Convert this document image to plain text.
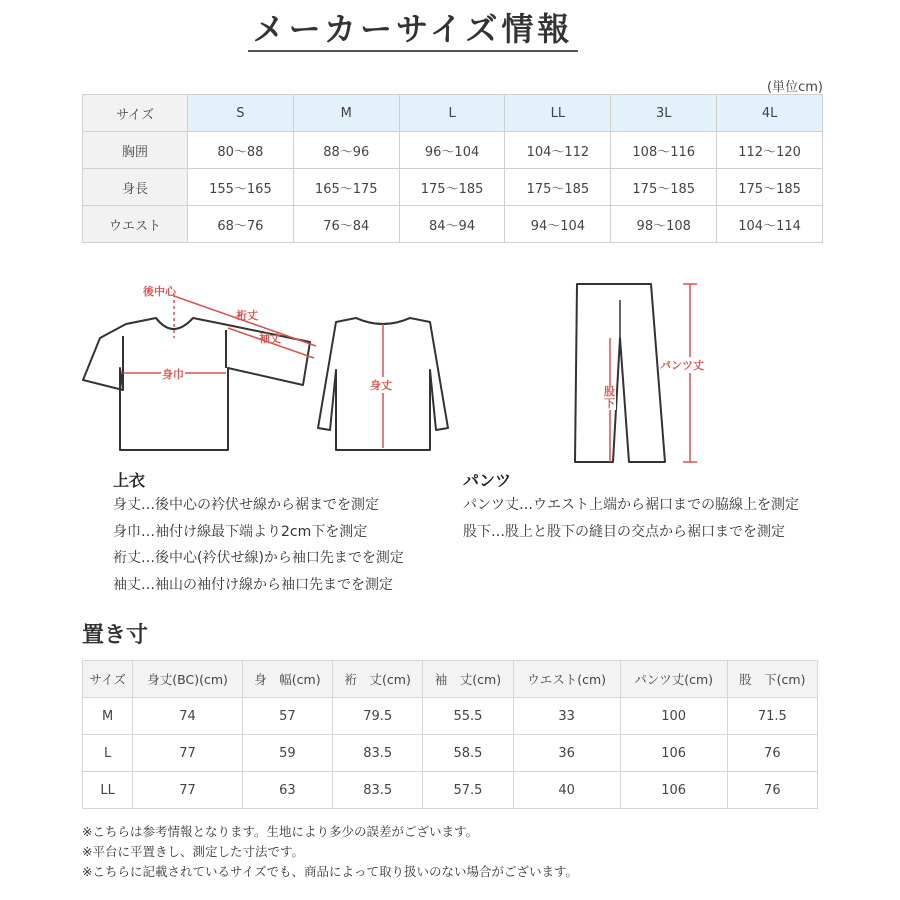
メーカーサイズ情報
(単位cm)
サイズ	S	M	L	LL	3L	4L
胸囲	80〜88	88〜96	96〜104	104〜112	108〜116	112〜120
身長	155〜165	165〜175	175〜185	175〜185	175〜185	175〜185
ウエスト	68〜76	76〜84	84〜94	94〜104	98〜108	104〜114
後中心
裄丈
袖丈
身巾
身丈
パンツ丈
股下
上衣
身丈…後中心の衿伏せ線から裾までを測定
身巾…袖付け線最下端より2cm下を測定
裄丈…後中心(衿伏せ線)から袖口先までを測定
袖丈…袖山の袖付け線から袖口先までを測定
パンツ
パンツ丈…ウエスト上端から裾口までの脇線上を測定
股下…股上と股下の縫目の交点から裾口までを測定
置き寸
サイズ	身丈(BC)(cm)	身　幅(cm)	裄　丈(cm)	袖　丈(cm)	ウエスト(cm)	パンツ丈(cm)	股　下(cm)
M	74	57	79.5	55.5	33	100	71.5
L	77	59	83.5	58.5	36	106	76
LL	77	63	83.5	57.5	40	106	76
※こちらは参考情報となります。生地により多少の誤差がございます。
※平台に平置きし、測定した寸法です。
※こちらに記載されているサイズでも、商品によって取り扱いのない場合がございます。
